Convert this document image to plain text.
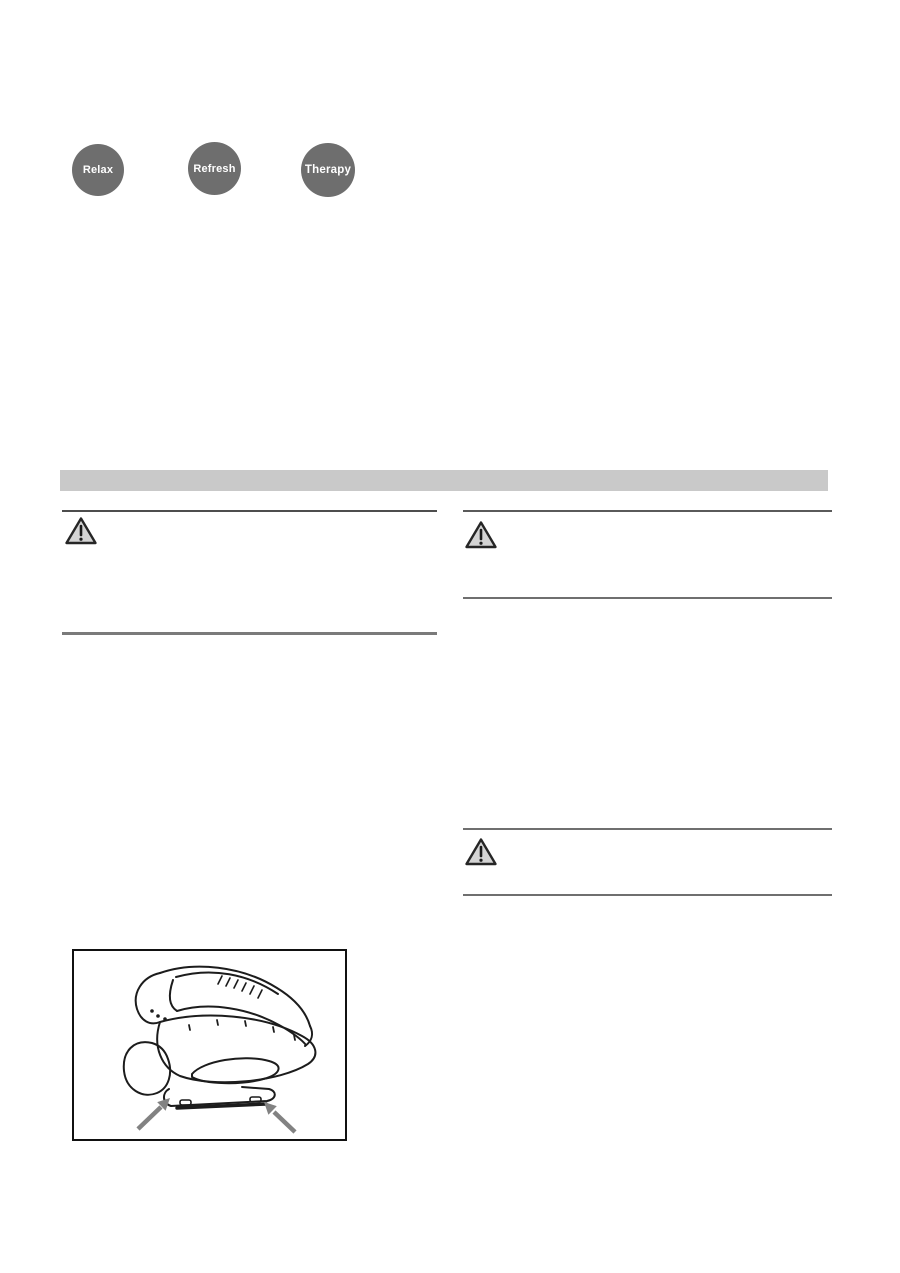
Relax	Refresh	Therapy
